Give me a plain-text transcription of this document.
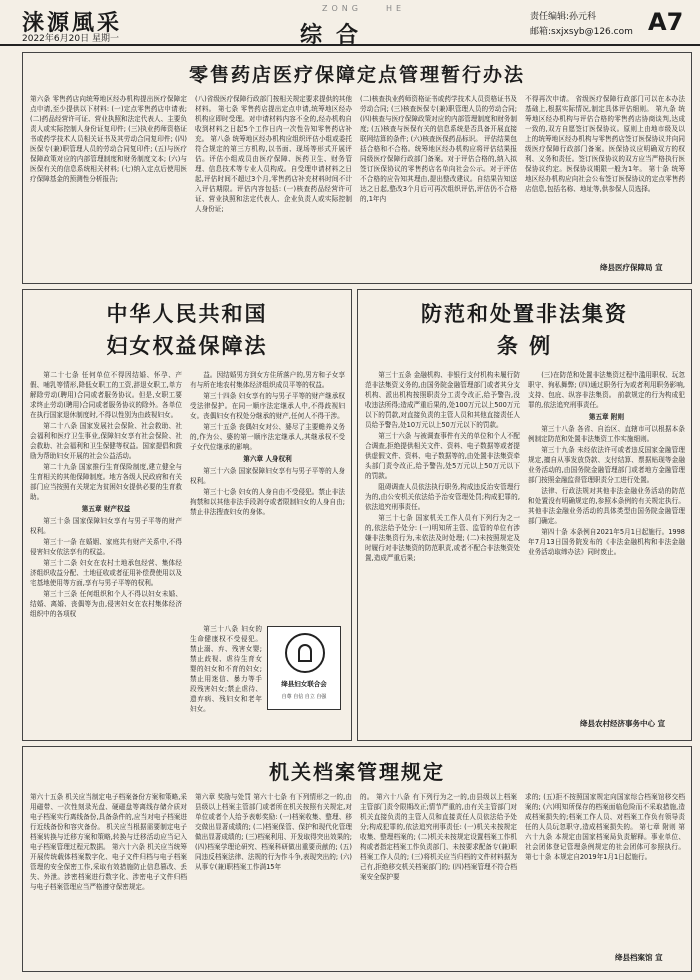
涞源風采
2022年6月20日 星期一
ZONG	HE
综合
责任编辑:孙元科
邮箱:sxjxsyb@126.com A7
零售药店医疗保障定点管理暂行办法
第六条 零售药店向统筹地区经办机构提出医疗保障定点申请,至少提供以下材料: (一)定点零售药店申请表; (二)药品经营许可证、营业执照和法定代表人、主要负责人或实际控制人身份证复印件; (三)执业药师资格证书或药学技术人员相关证书及其劳动合同复印件; (四)医保专(兼)职管理人员的劳动合同复印件; (五)与医疗保障政策对应的内部管理制度和财务制度文本; (六)与医保有关的信息系统相关材料; (七)纳入定点后使用医疗保障基金的预测性分析报告;
(八)省级医疗保障行政部门按相关规定要求提供的其他材料。 第七条 零售药店提出定点申请,统筹地区经办机构应即时受理。对申请材料内容不全的,经办机构自收到材料之日起5个工作日内一次性告知零售药店补充。 第八条 统筹地区经办机构应组织评估小组或委托符合规定的第三方机构,以书面、现场等形式开展评估。评估小组成员由医疗保障、医药卫生、财务管理、信息技术等专业人员构成。自受理申请材料之日起,评估时间不超过3个月,零售药店补充材料时间不计入评估期限。评估内容包括: (一)核查药品经营许可证、营业执照和法定代表人、企业负责人或实际控制人身份证;
(二)核查执业药师资格证书或药学技术人员资格证书及劳动合同; (三)核查医保专(兼)职管理人员的劳动合同; (四)核查与医疗保障政策对应的内部管理制度和财务制度; (五)核查与医保有关的信息系统是否具备开展直接联网结算的条件; (六)核查医保药品标识。 评估结果包括合格和不合格。统筹地区经办机构应将评估结果报同级医疗保障行政部门备案。对于评估合格的,纳入拟签订医保协议的零售药店名单向社会公示。对于评估不合格的应告知其理由,提出整改建议。自结果告知送达之日起,整改3个月后可再次组织评估,评估仍不合格的,1年内
不得再次申请。 省级医疗保障行政部门可以在本办法基础上,根据实际情况,制定具体评估细则。 第九条 统筹地区经办机构与评估合格的零售药店协商谈判,达成一致的,双方自愿签订医保协议。原则上由地市级及以上的统筹地区经办机构与零售药店签订医保协议并向同级医疗保障行政部门备案。医保协议应明确双方的权利、义务和责任。签订医保协议的双方应当严格执行医保协议约定。医保协议期限一般为1年。 第十条 统筹地区经办机构应向社会公布签订医保协议的定点零售药店信息,包括名称、地址等,供参保人员选择。
绛县医疗保障局 宣
中华人民共和国
妇女权益保障法

第二十七条 任何单位不得因结婚、怀孕、产假、哺乳等情形,降低女职工的工资,辞退女职工,单方解除劳动(聘用)合同或者服务协议。但是,女职工要求终止劳动(聘用)合同或者服务协议的除外。各单位在执行国家退休制度时,不得以性别为由歧视妇女。

第二十八条 国家发展社会保险、社会救助、社会福利和医疗卫生事业,保障妇女享有社会保险、社会救助、社会福利和卫生保健等权益。国家提倡和鼓励为帮助妇女开展的社会公益活动。

第二十九条 国家推行生育保险制度,建立健全与生育相关的其他保障制度。地方各级人民政府和有关部门应当按照有关规定为贫困妇女提供必要的生育救助。

第五章 财产权益

第三十条 国家保障妇女享有与男子平等的财产权利。

第三十一条 在婚姻、家庭共有财产关系中,不得侵害妇女依法享有的权益。

第三十二条 妇女在农村土地承包经营、集体经济组织收益分配、土地征收或者征用补偿费使用以及宅基地使用等方面,享有与男子平等的权利。

第三十三条 任何组织和个人不得以妇女未婚、结婚、离婚、丧偶等为由,侵害妇女在农村集体经济组织中的各项权

益。因结婚男方到女方住所落户的,男方和子女享有与所在地农村集体经济组织成员平等的权益。

第三十四条 妇女享有的与男子平等的财产继承权受法律保护。在同一顺序法定继承人中,不得歧视妇女。丧偶妇女有权处分继承的财产,任何人不得干涉。

第三十五条 丧偶妇女对公、婆尽了主要赡养义务的,作为公、婆的第一顺序法定继承人,其继承权不受子女代位继承的影响。

第六章 人身权利

第三十六条 国家保障妇女享有与男子平等的人身权利。

第三十七条 妇女的人身自由不受侵犯。禁止非法拘禁和以其他非法手段剥夺或者限制妇女的人身自由;禁止非法搜查妇女的身体。

第三十八条 妇女的生命健康权不受侵犯。禁止溺、弃、残害女婴;禁止歧视、虐待生育女婴的妇女和不育的妇女;禁止用迷信、暴力等手段残害妇女;禁止虐待、遗弃病、残妇女和老年妇女。

绛县妇女联合会
自尊 自信 自立 自强
防范和处置非法集资
条 例

第三十五条 金融机构、非银行支付机构未履行防范非法集资义务的,由国务院金融管理部门或者其分支机构、派出机构按照职责分工责令改正,给予警告,没收违法所得;造成严重后果的,处100万元以上500万元以下的罚款,对直接负责的主管人员和其他直接责任人员给予警告,处10万元以上50万元以下的罚款。

第三十六条 与被调查事件有关的单位和个人不配合调查,拒绝提供相关文件、资料、电子数据等或者提供虚假文件、资料、电子数据等的,由处置非法集资牵头部门责令改正,给予警告,处5万元以上50万元以下的罚款。

阻碍调查人员依法执行职务,构成违反治安管理行为的,由公安机关依法给予治安管理处罚;构成犯罪的,依法追究刑事责任。

第三十七条 国家机关工作人员有下列行为之一的,依法给予处分: (一)明知所主管、监管的单位有涉嫌非法集资行为,未依法及时处理; (二)未按照规定及时履行对非法集资的防范职责,或者不配合非法集资处置,造成严重后果;

(三)在防范和处置非法集资过程中滥用职权、玩忽职守、徇私舞弊; (四)通过职务行为或者利用职务影响,支持、包庇、纵容非法集资。 前款规定的行为构成犯罪的,依法追究刑事责任。

第五章 附则

第三十八条 各省、自治区、直辖市可以根据本条例制定防范和处置非法集资工作实施细则。

第三十九条 未经依法许可或者违反国家金融管理规定,擅自从事发放贷款、支付结算、票据贴现等金融业务活动的,由国务院金融管理部门或者地方金融管理部门按照金融监督管理职责分工进行处置。

法律、行政法规对其他非法金融业务活动的防范和处置没有明确规定的,参照本条例的有关规定执行。其他非法金融业务活动的具体类型由国务院金融管理部门确定。

第四十条 本条例自2021年5月1日起施行。1998年7月13日国务院发布的《非法金融机构和非法金融业务活动取缔办法》同时废止。

绛县农村经济事务中心 宣
机关档案管理规定
第六十五条 机关应当制定电子档案备份方案和策略,采用磁带、一次性刻录光盘、硬磁盘等离线存储介质对电子档案实行离线备份,具备条件的,应当对电子档案进行近线备份和容灾备份。 机关应当根据需要制定电子档案转换与迁移方案和策略,转换与迁移活动应当记入电子档案管理过程元数据。 第六十六条 机关应当统筹开展传统载体档案数字化、电子文件归档与电子档案管理的安全保密工作,采取有效措施防止信息篡改、丢失、外泄。涉密档案进行数字化、涉密电子文件归档与电子档案管理应当严格遵守保密规定。
第六章 奖励与处罚 第六十七条 有下列情形之一的,由县级以上档案主管部门或者所在机关按照有关规定,对单位或者个人给予表彰奖励: (一)档案收集、整理、移交做出显著成绩的; (二)档案保管、保护和现代化管理做出显著成绩的; (三)档案利用、开发取得突出效果的; (四)档案学理论研究、档案科研做出重要贡献的; (五)同违反档案法律、法规的行为作斗争,表现突出的; (六)从事专(兼)职档案工作满15年
的。 第六十八条 有下列行为之一的,由县级以上档案主管部门责令限期改正;情节严重的,由有关主管部门对机关直接负责的主管人员和直接责任人员依法给予处分;构成犯罪的,依法追究刑事责任: (一)机关未按规定收集、整理档案的; (二)机关未按规定设置档案工作机构或者指定档案工作负责部门、未按要求配备专(兼)职档案工作人员的; (三)将机关应当归档的文件材料据为己有,拒绝移交机关档案部门的; (四)档案管理不符合档案安全保护要
求的; (五)拒不按照国家规定向国家综合档案馆移交档案的; (六)明知所保存的档案面临危险而不采取措施,造成档案损失的;档案工作人员、对档案工作负有领导责任的人员玩忽职守,造成档案损失的。 第七章 附则 第六十九条 本规定由国家档案局负责解释。事业单位、社会团体登记管理条例规定的社会团体可参照执行。 第七十条 本规定自2019年1月1日起施行。
绛县档案馆 宣
